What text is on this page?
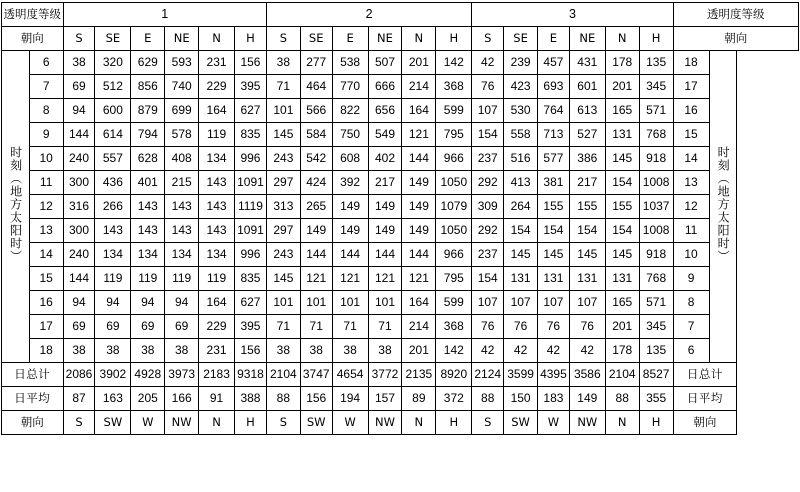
透明度等级		1						2						3						透明度等级	
朝向		S	SE	E	NE	N	H	S	SE	E	NE	N	H	S	SE	E	NE	N	H	朝向	
时刻（地方太阳时）	6	38	320	629	593	231	156	38	277	538	507	201	142	42	239	457	431	178	135	18	时刻（地方太阳时）
	7	69	512	856	740	229	395	71	464	770	666	214	368	76	423	693	601	201	345	17	
	8	94	600	879	699	164	627	101	566	822	656	164	599	107	530	764	613	165	571	16	
	9	144	614	794	578	119	835	145	584	750	549	121	795	154	558	713	527	131	768	15	
	10	240	557	628	408	134	996	243	542	608	402	144	966	237	516	577	386	145	918	14	
	11	300	436	401	215	143	1091	297	424	392	217	149	1050	292	413	381	217	154	1008	13	
	12	316	266	143	143	143	1119	313	265	149	149	149	1079	309	264	155	155	155	1037	12	
	13	300	143	143	143	143	1091	297	149	149	149	149	1050	292	154	154	154	154	1008	11	
	14	240	134	134	134	134	996	243	144	144	144	144	966	237	145	145	145	145	918	10	
	15	144	119	119	119	119	835	145	121	121	121	121	795	154	131	131	131	131	768	9	
	16	94	94	94	94	164	627	101	101	101	101	164	599	107	107	107	107	165	571	8	
	17	69	69	69	69	229	395	71	71	71	71	214	368	76	76	76	76	201	345	7	
	18	38	38	38	38	231	156	38	38	38	38	201	142	42	42	42	42	178	135	6	
日总计		2086	3902	4928	3973	2183	9318	2104	3747	4654	3772	2135	8920	2124	3599	4395	3586	2104	8527	日总计	
日平均		87	163	205	166	91	388	88	156	194	157	89	372	88	150	183	149	88	355	日平均	
朝向		S	SW	W	NW	N	H	S	SW	W	NW	N	H	S	SW	W	NW	N	H	朝向	
